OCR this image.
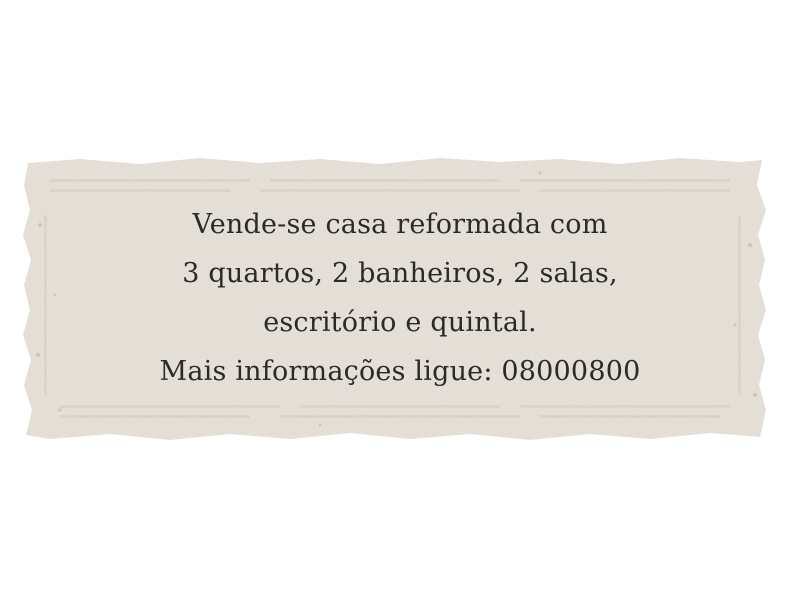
Vende-se casa reformada com
3 quartos, 2 banheiros, 2 salas,
escritório e quintal.
Mais informações ligue: 08000800
